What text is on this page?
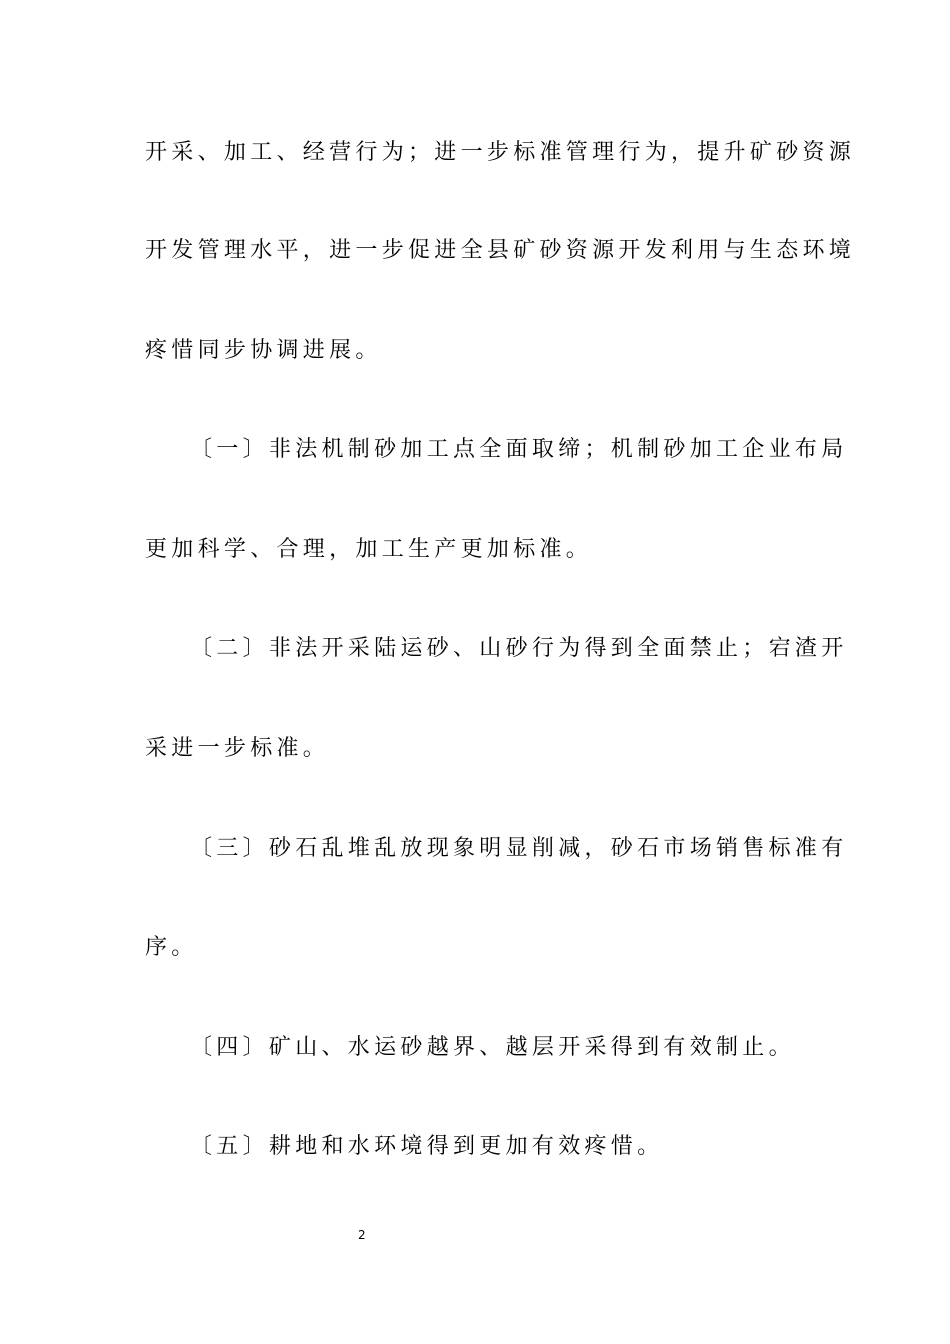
开采、加工、经营行为；进一步标准管理行为，提升矿砂资源

开发管理水平，进一步促进全县矿砂资源开发利用与生态环境

疼惜同步协调进展。

〔一〕非法机制砂加工点全面取缔；机制砂加工企业布局

更加科学、合理，加工生产更加标准。

〔二〕非法开采陆运砂、山砂行为得到全面禁止；宕渣开

采进一步标准。

〔三〕砂石乱堆乱放现象明显削减，砂石市场销售标准有

序。

〔四〕矿山、水运砂越界、越层开采得到有效制止。

〔五〕耕地和水环境得到更加有效疼惜。

2
